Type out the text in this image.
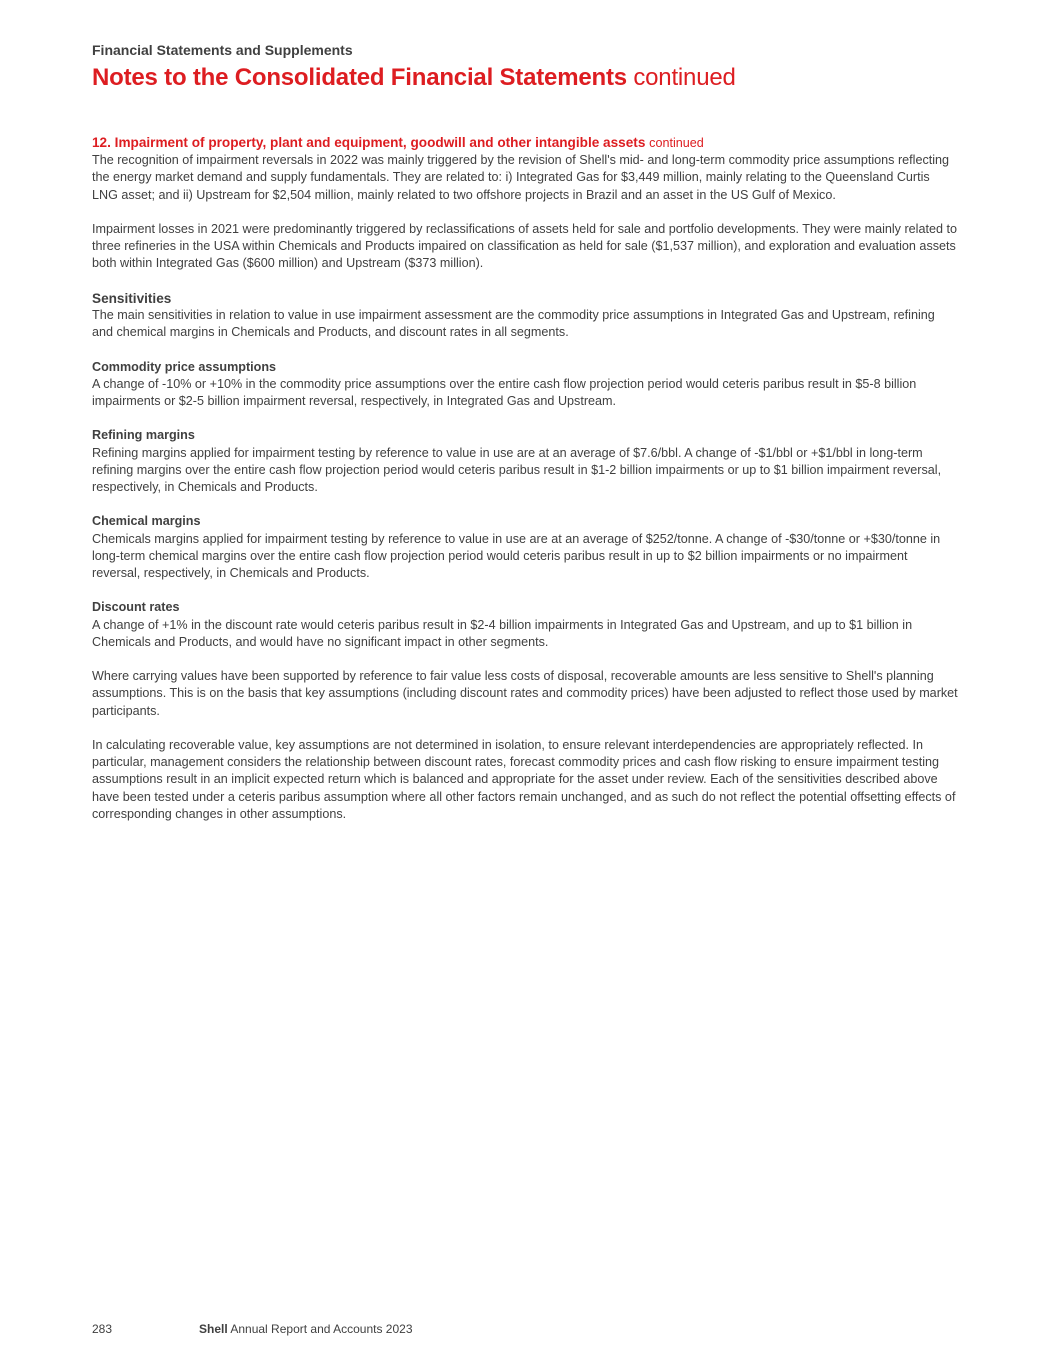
Financial Statements and Supplements
Notes to the Consolidated Financial Statements continued
12. Impairment of property, plant and equipment, goodwill and other intangible assets continued

The recognition of impairment reversals in 2022 was mainly triggered by the revision of Shell's mid- and long-term commodity price assumptions reflecting the energy market demand and supply fundamentals. They are related to: i) Integrated Gas for $3,449 million, mainly relating to the Queensland Curtis LNG asset; and ii) Upstream for $2,504 million, mainly related to two offshore projects in Brazil and an asset in the US Gulf of Mexico.

Impairment losses in 2021 were predominantly triggered by reclassifications of assets held for sale and portfolio developments. They were mainly related to three refineries in the USA within Chemicals and Products impaired on classification as held for sale ($1,537 million), and exploration and evaluation assets both within Integrated Gas ($600 million) and Upstream ($373 million).

Sensitivities
The main sensitivities in relation to value in use impairment assessment are the commodity price assumptions in Integrated Gas and Upstream, refining and chemical margins in Chemicals and Products, and discount rates in all segments.

Commodity price assumptions
A change of -10% or +10% in the commodity price assumptions over the entire cash flow projection period would ceteris paribus result in $5-8 billion impairments or $2-5 billion impairment reversal, respectively, in Integrated Gas and Upstream.

Refining margins
Refining margins applied for impairment testing by reference to value in use are at an average of $7.6/bbl. A change of -$1/bbl or +$1/bbl in long-term refining margins over the entire cash flow projection period would ceteris paribus result in $1-2 billion impairments or up to $1 billion impairment reversal, respectively, in Chemicals and Products.

Chemical margins
Chemicals margins applied for impairment testing by reference to value in use are at an average of $252/tonne. A change of -$30/tonne or +$30/tonne in long-term chemical margins over the entire cash flow projection period would ceteris paribus result in up to $2 billion impairments or no impairment reversal, respectively, in Chemicals and Products.

Discount rates
A change of +1% in the discount rate would ceteris paribus result in $2-4 billion impairments in Integrated Gas and Upstream, and up to $1 billion in Chemicals and Products, and would have no significant impact in other segments.

Where carrying values have been supported by reference to fair value less costs of disposal, recoverable amounts are less sensitive to Shell's planning assumptions. This is on the basis that key assumptions (including discount rates and commodity prices) have been adjusted to reflect those used by market participants.

In calculating recoverable value, key assumptions are not determined in isolation, to ensure relevant interdependencies are appropriately reflected. In particular, management considers the relationship between discount rates, forecast commodity prices and cash flow risking to ensure impairment testing assumptions result in an implicit expected return which is balanced and appropriate for the asset under review. Each of the sensitivities described above have been tested under a ceteris paribus assumption where all other factors remain unchanged, and as such do not reflect the potential offsetting effects of corresponding changes in other assumptions.

283	Shell Annual Report and Accounts 2023
